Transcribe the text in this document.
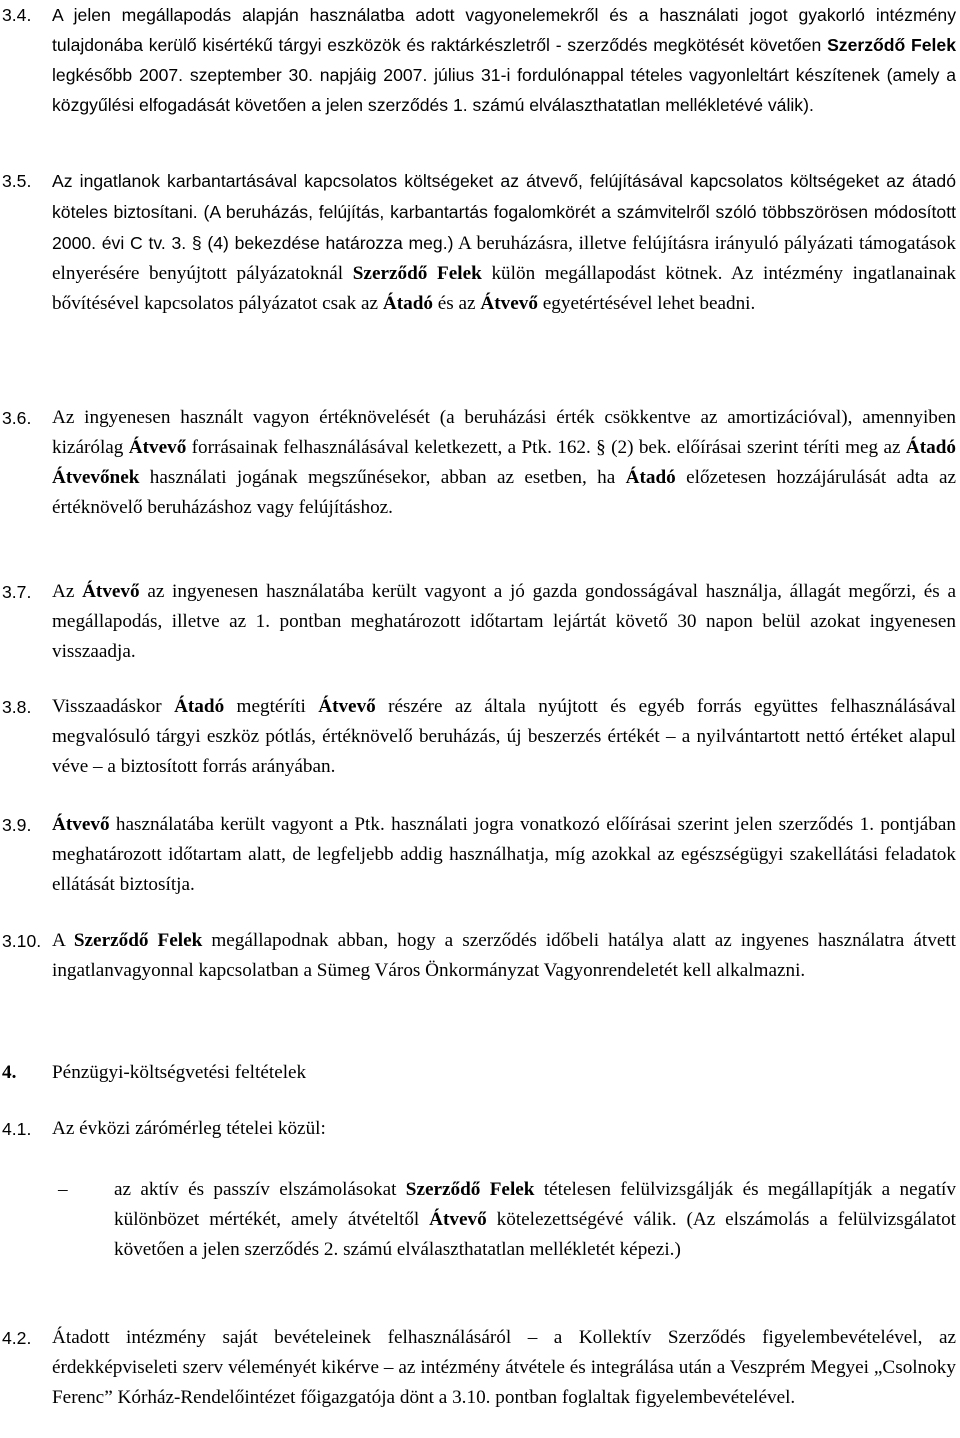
3.4. A jelen megállapodás alapján használatba adott vagyonelemekről és a használati jogot gyakorló intézmény tulajdonába kerülő kisértékű tárgyi eszközök és raktárkészletről - szerződés megkötését követően Szerződő Felek legkésőbb 2007. szeptember 30. napjáig 2007. július 31-i fordulónappal tételes vagyonleltárt készítenek (amely a közgyűlési elfogadását követően a jelen szerződés 1. számú elválaszthatatlan mellékletévé válik).
3.5. Az ingatlanok karbantartásával kapcsolatos költségeket az átvevő, felújításával kapcsolatos költségeket az átadó köteles biztosítani. (A beruházás, felújítás, karbantartás fogalomkörét a számvitelről szóló többszörösen módosított 2000. évi C tv. 3. § (4) bekezdése határozza meg.) A beruházásra, illetve felújításra irányuló pályázati támogatások elnyerésére benyújtott pályázatoknál Szerződő Felek külön megállapodást kötnek. Az intézmény ingatlanainak bővítésével kapcsolatos pályázatot csak az Átadó és az Átvevő egyetértésével lehet beadni.
3.6. Az ingyenesen használt vagyon értéknövelését (a beruházási érték csökkentve az amortizációval), amennyiben kizárólag Átvevő forrásainak felhasználásával keletkezett, a Ptk. 162. § (2) bek. előírásai szerint téríti meg az Átadó Átvevőnek használati jogának megszűnésekor, abban az esetben, ha Átadó előzetesen hozzájárulását adta az értéknövelő beruházáshoz vagy felújításhoz.
3.7. Az Átvevő az ingyenesen használatába került vagyont a jó gazda gondosságával használja, állagát megőrzi, és a megállapodás, illetve az 1. pontban meghatározott időtartam lejártát követő 30 napon belül azokat ingyenesen visszaadja.
3.8. Visszaadáskor Átadó megtéríti Átvevő részére az általa nyújtott és egyéb forrás együttes felhasználásával megvalósuló tárgyi eszköz pótlás, értéknövelő beruházás, új beszerzés értékét – a nyilvántartott nettó értéket alapul véve – a biztosított forrás arányában.
3.9. Átvevő használatába került vagyont a Ptk. használati jogra vonatkozó előírásai szerint jelen szerződés 1. pontjában meghatározott időtartam alatt, de legfeljebb addig használhatja, míg azokkal az egészségügyi szakellátási feladatok ellátását biztosítja.
3.10. A Szerződő Felek megállapodnak abban, hogy a szerződés időbeli hatálya alatt az ingyenes használatra átvett ingatlanvagyonnal kapcsolatban a Sümeg Város Önkormányzat Vagyonrendeletét kell alkalmazni.
4. Pénzügyi-költségvetési feltételek
4.1. Az évközi zárómérleg tételei közül:
– az aktív és passzív elszámolásokat Szerződő Felek tételesen felülvizsgálják és megállapítják a negatív különbözet mértékét, amely átvételtől Átvevő kötelezettségévé válik. (Az elszámolás a felülvizsgálatot követően a jelen szerződés 2. számú elválaszthatatlan mellékletét képezi.)
4.2. Átadott intézmény saját bevételeinek felhasználásáról – a Kollektív Szerződés figyelembevételével, az érdekképviseleti szerv véleményét kikérve – az intézmény átvétele és integrálása után a Veszprém Megyei „Csolnoky Ferenc” Kórház-Rendelőintézet főigazgatója dönt a 3.10. pontban foglaltak figyelembevételével.
